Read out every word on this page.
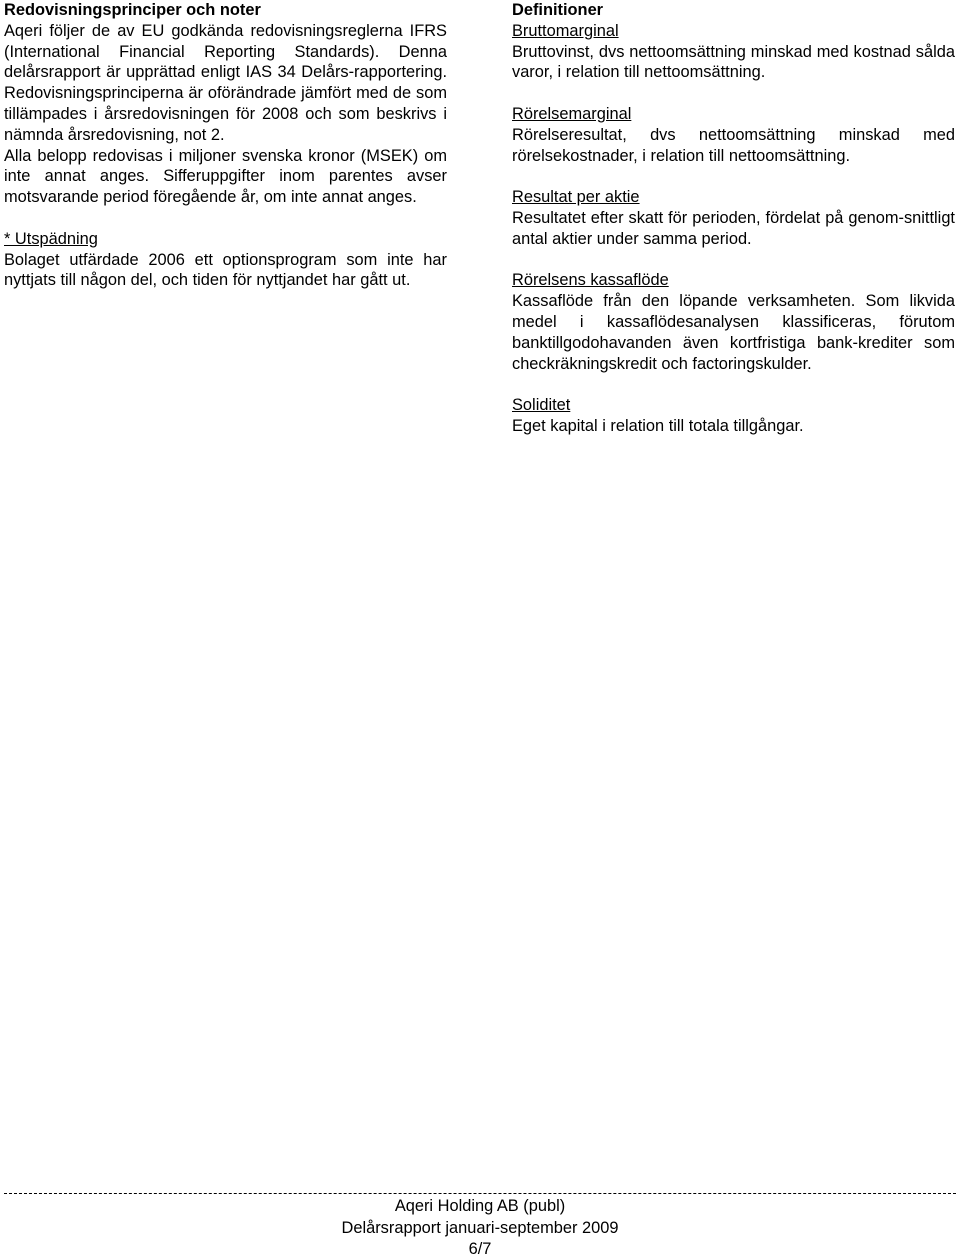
Redovisningsprinciper och noter

Aqeri följer de av EU godkända redovisningsreglerna IFRS (International Financial Reporting Standards). Denna delårsrapport är upprättad enligt IAS 34 Delårs-rapportering. Redovisningsprinciperna är oförändrade jämfört med de som tillämpades i årsredovisningen för 2008 och som beskrivs i nämnda årsredovisning, not 2.

Alla belopp redovisas i miljoner svenska kronor (MSEK) om inte annat anges. Sifferuppgifter inom parentes avser motsvarande period föregående år, om inte annat anges.

* Utspädning

Bolaget utfärdade 2006 ett optionsprogram som inte har nyttjats till någon del, och tiden för nyttjandet har gått ut.

Definitioner

Bruttomarginal

Bruttovinst, dvs nettoomsättning minskad med kostnad sålda varor, i relation till nettoomsättning.

Rörelsemarginal

Rörelseresultat, dvs nettoomsättning minskad med rörelsekostnader, i relation till nettoomsättning.

Resultat per aktie

Resultatet efter skatt för perioden, fördelat på genom-snittligt antal aktier under samma period.

Rörelsens kassaflöde

Kassaflöde från den löpande verksamheten. Som likvida medel i kassaflödesanalysen klassificeras, förutom banktillgodohavanden även kortfristiga bank-krediter som checkräkningskredit och factoringskulder.

Soliditet

Eget kapital i relation till totala tillgångar.

Aqeri Holding AB (publ)
Delårsrapport januari-september 2009
6/7
